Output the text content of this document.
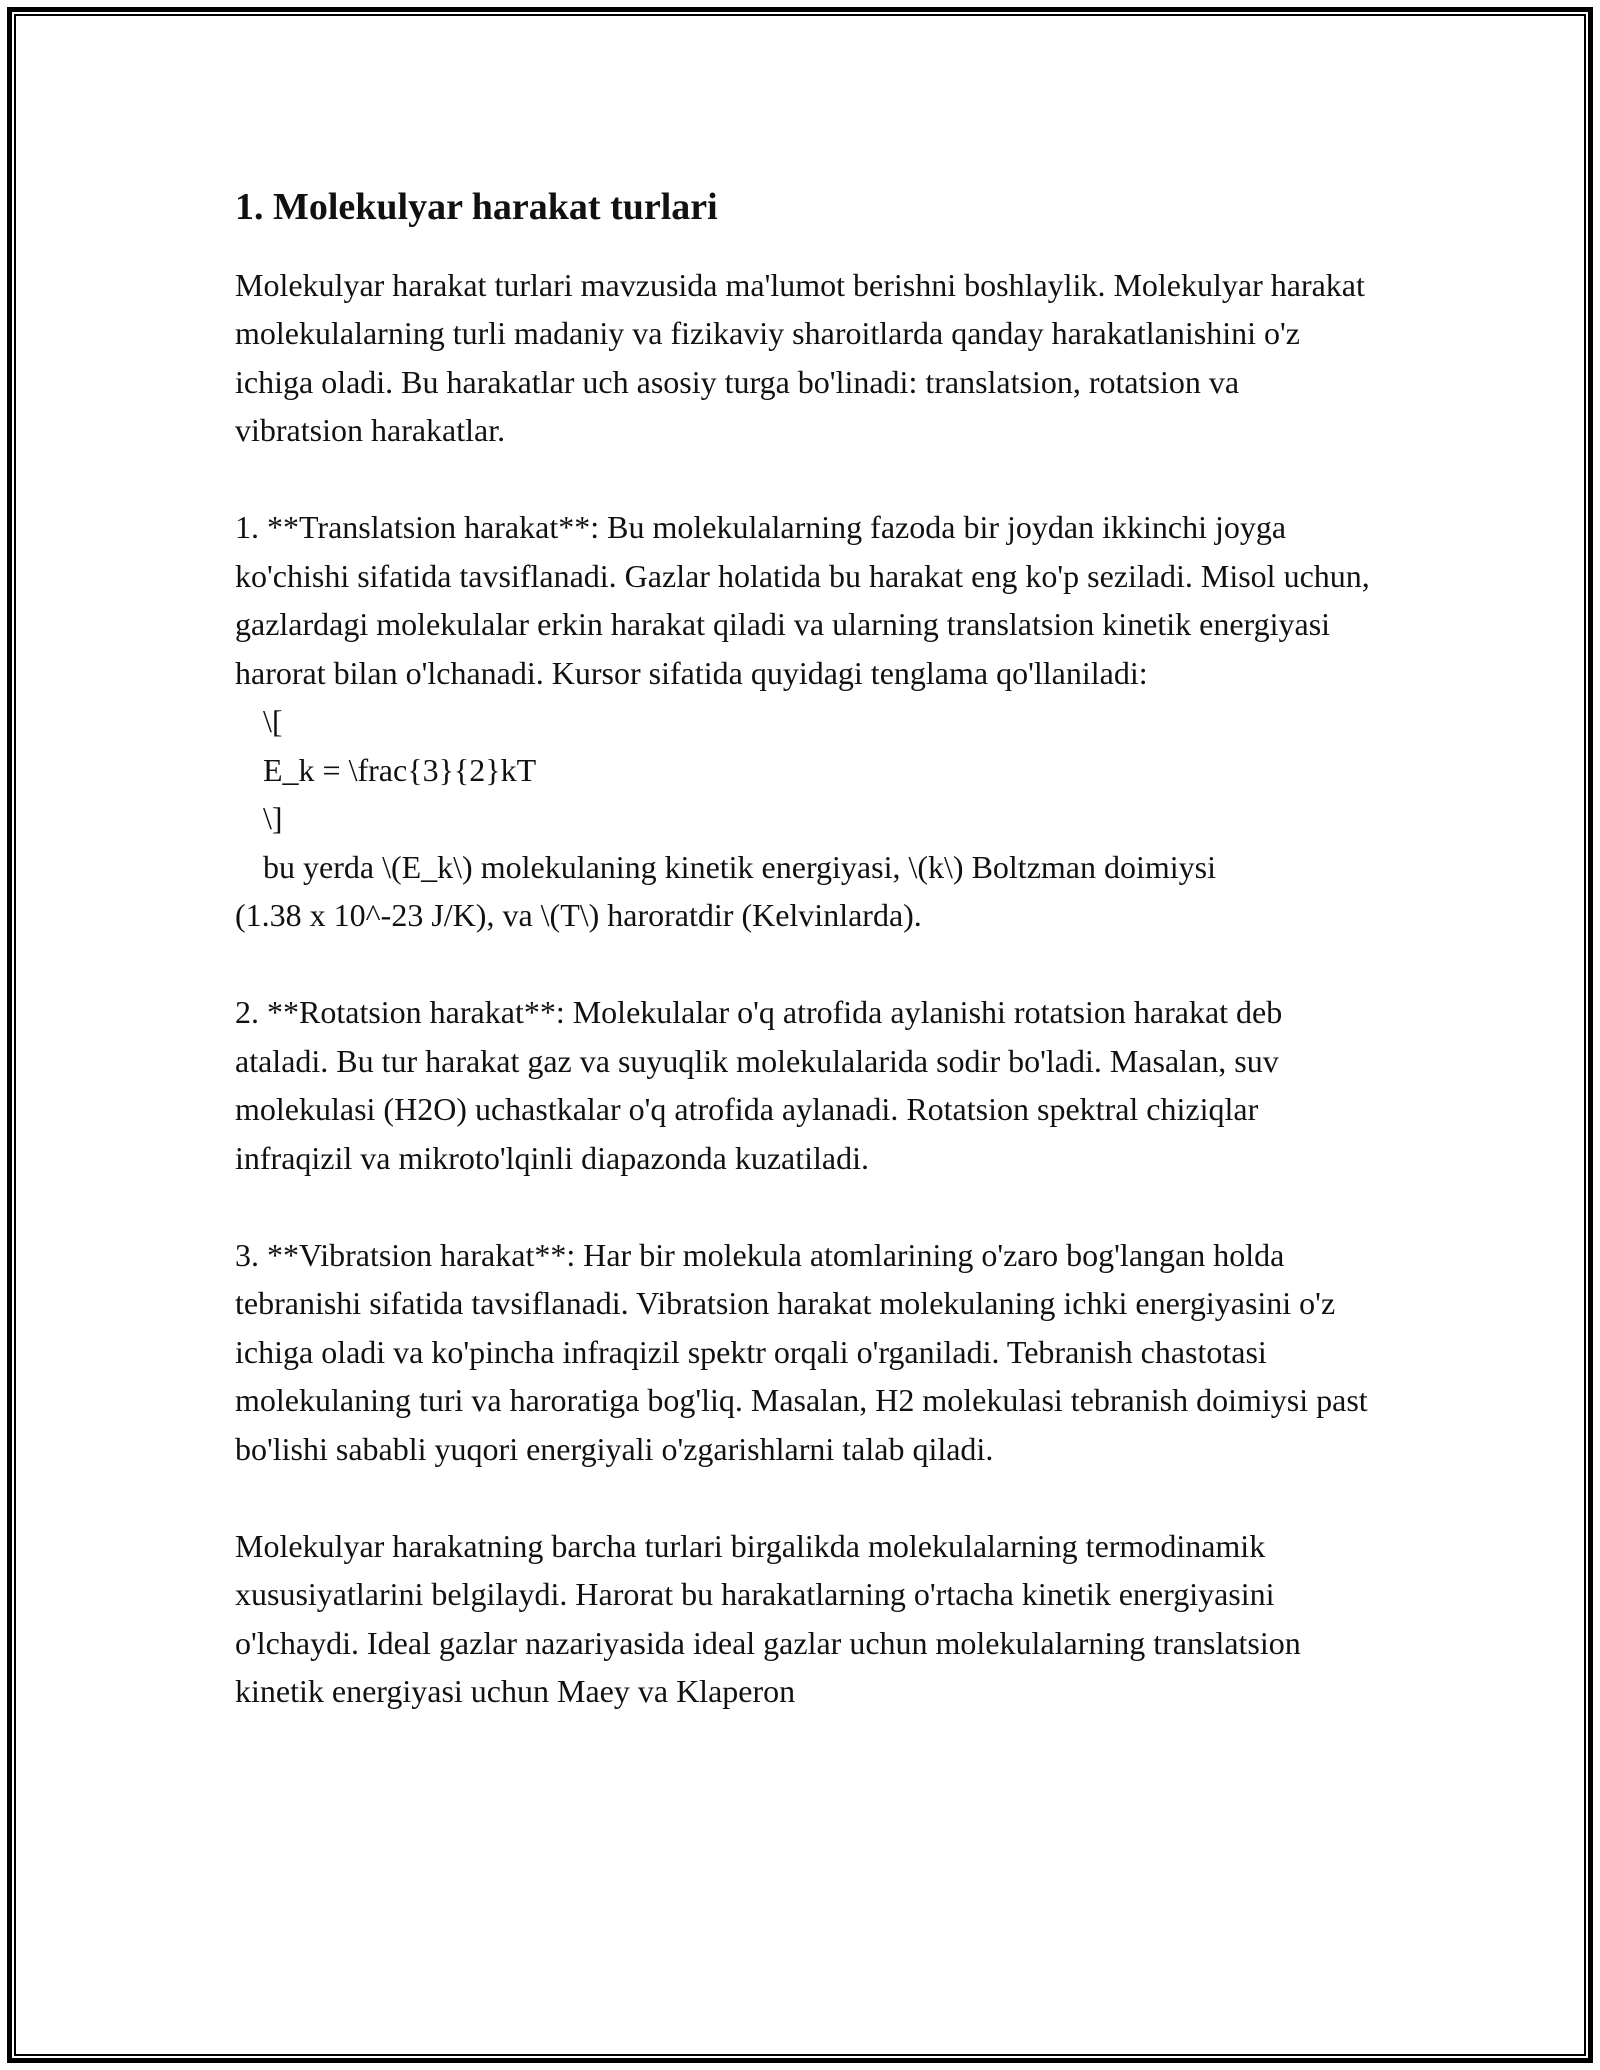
1. Molekulyar harakat turlari

Molekulyar harakat turlari mavzusida ma'lumot berishni boshlaylik. Molekulyar harakat molekulalarning turli madaniy va fizikaviy sharoitlarda qanday harakatlanishini o'z ichiga oladi. Bu harakatlar uch asosiy turga bo'linadi: translatsion, rotatsion va vibratsion harakatlar.

1. **Translatsion harakat**: Bu molekulalarning fazoda bir joydan ikkinchi joyga ko'chishi sifatida tavsiflanadi. Gazlar holatida bu harakat eng ko'p seziladi. Misol uchun, gazlardagi molekulalar erkin harakat qiladi va ularning translatsion kinetik energiyasi harorat bilan o'lchanadi. Kursor sifatida quyidagi tenglama qo'llaniladi:

\[

E_k = \frac{3}{2}kT

\]

bu yerda \(E_k\) molekulaning kinetik energiyasi, \(k\) Boltzman doimiysi

(1.38 x 10^-23 J/K), va \(T\) haroratdir (Kelvinlarda).

2. **Rotatsion harakat**: Molekulalar o'q atrofida aylanishi rotatsion harakat deb ataladi. Bu tur harakat gaz va suyuqlik molekulalarida sodir bo'ladi. Masalan, suv molekulasi (H2O) uchastkalar o'q atrofida aylanadi. Rotatsion spektral chiziqlar infraqizil va mikroto'lqinli diapazonda kuzatiladi.

3. **Vibratsion harakat**: Har bir molekula atomlarining o'zaro bog'langan holda tebranishi sifatida tavsiflanadi. Vibratsion harakat molekulaning ichki energiyasini o'z ichiga oladi va ko'pincha infraqizil spektr orqali o'rganiladi. Tebranish chastotasi molekulaning turi va haroratiga bog'liq. Masalan, H2 molekulasi tebranish doimiysi past bo'lishi sababli yuqori energiyali o'zgarishlarni talab qiladi.

Molekulyar harakatning barcha turlari birgalikda molekulalarning termodinamik xususiyatlarini belgilaydi. Harorat bu harakatlarning o'rtacha kinetik energiyasini o'lchaydi. Ideal gazlar nazariyasida ideal gazlar uchun molekulalarning translatsion kinetik energiyasi uchun Maey va Klaperon
